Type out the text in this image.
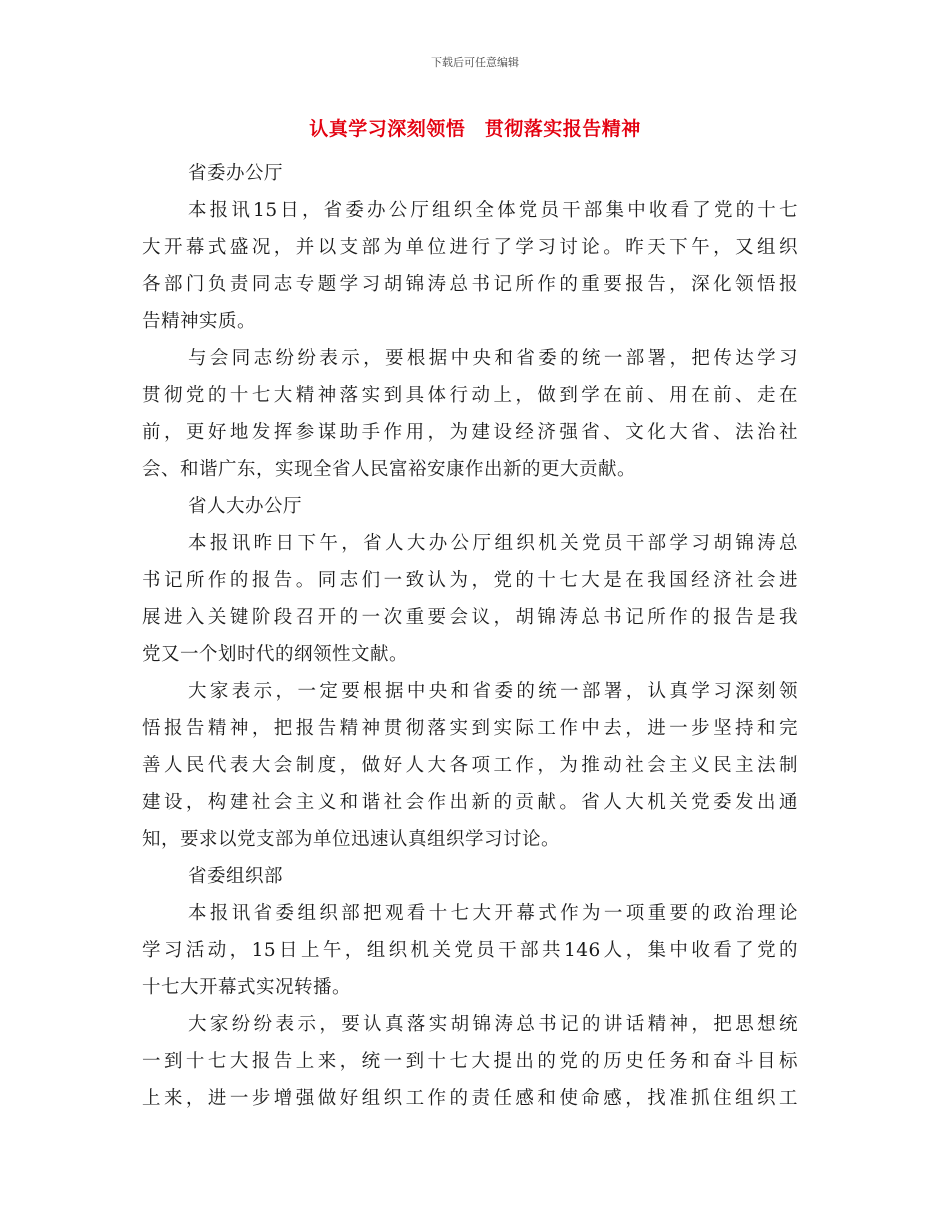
下载后可任意编辑
认真学习深刻领悟　贯彻落实报告精神
省委办公厅
本报讯15日，省委办公厅组织全体党员干部集中收看了党的十七
大开幕式盛况，并以支部为单位进行了学习讨论。昨天下午，又组织
各部门负责同志专题学习胡锦涛总书记所作的重要报告，深化领悟报
告精神实质。
与会同志纷纷表示，要根据中央和省委的统一部署，把传达学习
贯彻党的十七大精神落实到具体行动上，做到学在前、用在前、走在
前，更好地发挥参谋助手作用，为建设经济强省、文化大省、法治社
会、和谐广东，实现全省人民富裕安康作出新的更大贡献。
省人大办公厅
本报讯昨日下午，省人大办公厅组织机关党员干部学习胡锦涛总
书记所作的报告。同志们一致认为，党的十七大是在我国经济社会进
展进入关键阶段召开的一次重要会议，胡锦涛总书记所作的报告是我
党又一个划时代的纲领性文献。
大家表示，一定要根据中央和省委的统一部署，认真学习深刻领
悟报告精神，把报告精神贯彻落实到实际工作中去，进一步坚持和完
善人民代表大会制度，做好人大各项工作，为推动社会主义民主法制
建设，构建社会主义和谐社会作出新的贡献。省人大机关党委发出通
知，要求以党支部为单位迅速认真组织学习讨论。
省委组织部
本报讯省委组织部把观看十七大开幕式作为一项重要的政治理论
学习活动，15日上午，组织机关党员干部共146人，集中收看了党的
十七大开幕式实况转播。
大家纷纷表示，要认真落实胡锦涛总书记的讲话精神，把思想统
一到十七大报告上来，统一到十七大提出的党的历史任务和奋斗目标
上来，进一步增强做好组织工作的责任感和使命感，找准抓住组织工
